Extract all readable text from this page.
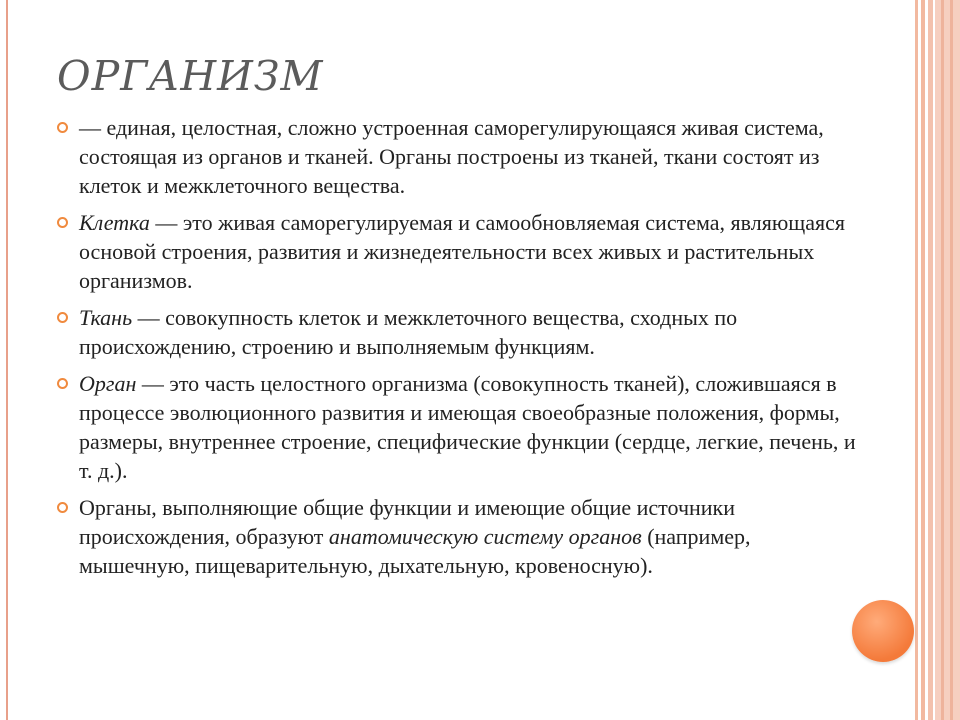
ОРГАНИЗМ
— единая, целостная, сложно устроенная саморегулирующаяся живая система, состоящая из органов и тканей. Органы построены из тканей, ткани состоят из клеток и межклеточного вещества.
Клетка — это живая саморегулируемая и самообновляемая система, являющаяся основой строения, развития и жизнедеятельности всех живых и растительных организмов.
Ткань — совокупность клеток и межклеточного вещества, сходных по происхождению, строению и выполняемым функциям.
Орган — это часть целостного организма (совокупность тканей), сложившаяся в процессе эволюционного развития и имеющая своеобразные положения, формы, размеры, внутреннее строение, специфические функции (сердце, легкие, печень, и т. д.).
Органы, выполняющие общие функции и имеющие общие источники происхождения, образуют анатомическую систему органов (например, мышечную, пищеварительную, дыхательную, кровеносную).
